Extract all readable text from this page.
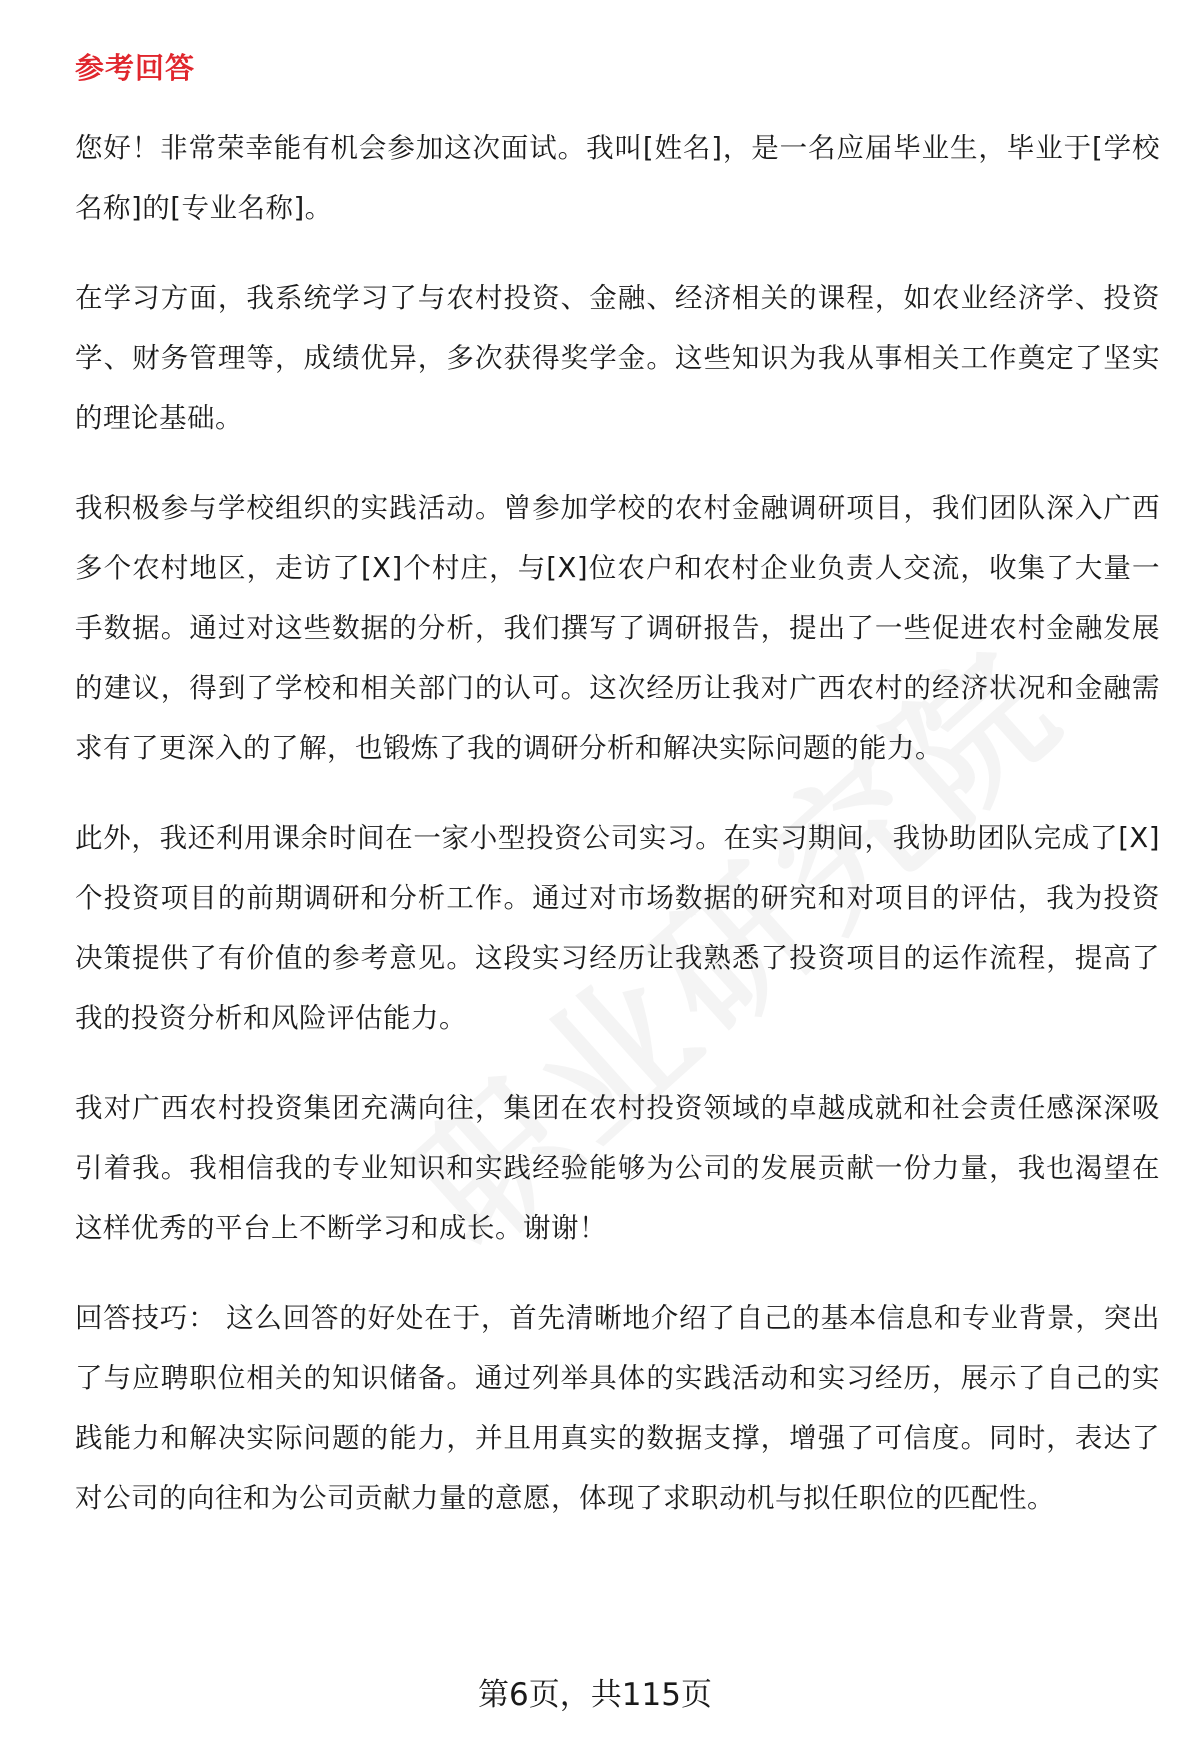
参考回答

您好！非常荣幸能有机会参加这次面试。我叫[姓名]，是一名应届毕业生，毕业于[学校名称]的[专业名称]。

在学习方面，我系统学习了与农村投资、金融、经济相关的课程，如农业经济学、投资学、财务管理等，成绩优异，多次获得奖学金。这些知识为我从事相关工作奠定了坚实的理论基础。

我积极参与学校组织的实践活动。曾参加学校的农村金融调研项目，我们团队深入广西多个农村地区，走访了[X]个村庄，与[X]位农户和农村企业负责人交流，收集了大量一手数据。通过对这些数据的分析，我们撰写了调研报告，提出了一些促进农村金融发展的建议，得到了学校和相关部门的认可。这次经历让我对广西农村的经济状况和金融需求有了更深入的了解，也锻炼了我的调研分析和解决实际问题的能力。

此外，我还利用课余时间在一家小型投资公司实习。在实习期间，我协助团队完成了[X]个投资项目的前期调研和分析工作。通过对市场数据的研究和对项目的评估，我为投资决策提供了有价值的参考意见。这段实习经历让我熟悉了投资项目的运作流程，提高了我的投资分析和风险评估能力。

我对广西农村投资集团充满向往，集团在农村投资领域的卓越成就和社会责任感深深吸引着我。我相信我的专业知识和实践经验能够为公司的发展贡献一份力量，我也渴望在这样优秀的平台上不断学习和成长。谢谢！

回答技巧： 这么回答的好处在于，首先清晰地介绍了自己的基本信息和专业背景，突出了与应聘职位相关的知识储备。通过列举具体的实践活动和实习经历，展示了自己的实践能力和解决实际问题的能力，并且用真实的数据支撑，增强了可信度。同时，表达了对公司的向往和为公司贡献力量的意愿，体现了求职动机与拟任职位的匹配性。

第6页，共115页
